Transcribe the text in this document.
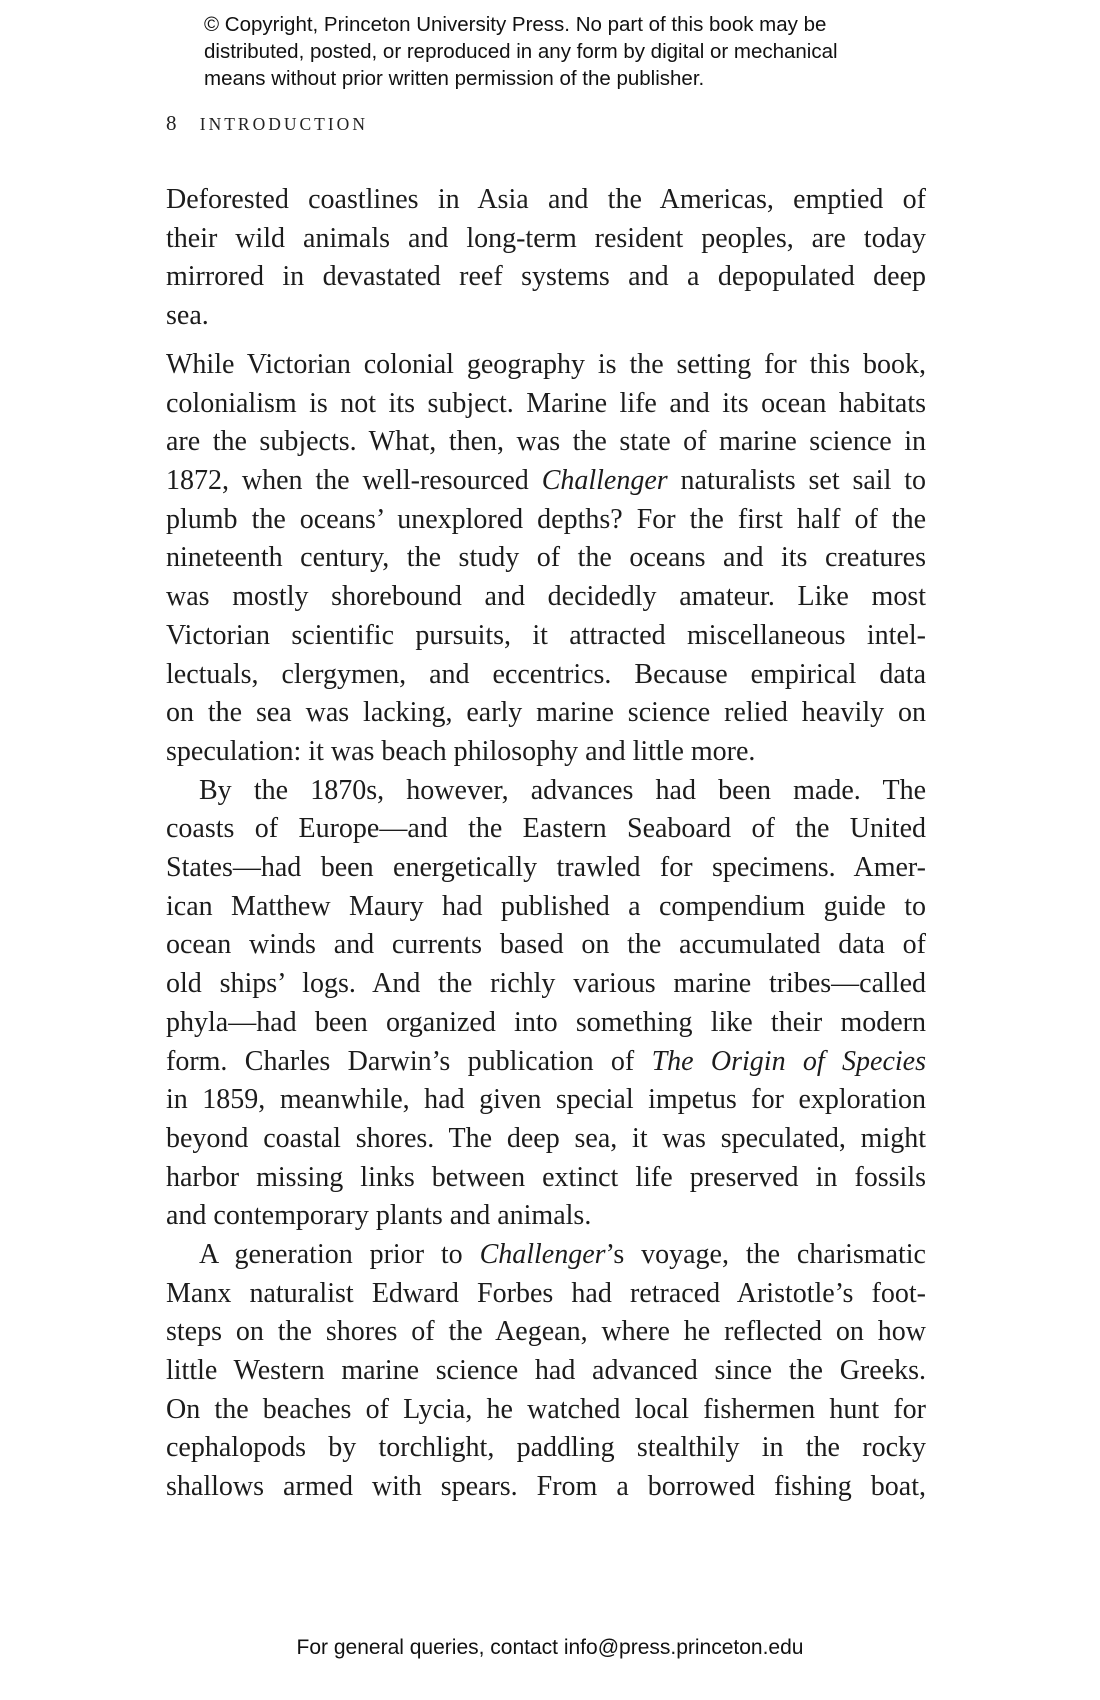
© Copyright, Princeton University Press. No part of this book may be
distributed, posted, or reproduced in any form by digital or mechanical
means without prior written permission of the publisher.
8 INTRODUCTION
Deforested coastlines in Asia and the Americas, emptied of
their wild animals and long-term resident peoples, are today
mirrored in devastated reef systems and a depopulated deep
sea.
While Victorian colonial geography is the setting for this book,
colonialism is not its subject. Marine life and its ocean habitats
are the subjects. What, then, was the state of marine science in
1872, when the well-resourced Challenger naturalists set sail to
plumb the oceans’ unexplored depths? For the first half of the
nineteenth century, the study of the oceans and its creatures
was mostly shorebound and decidedly amateur. Like most
Victorian scientific pursuits, it attracted miscellaneous intel-
lectuals, clergymen, and eccentrics. Because empirical data
on the sea was lacking, early marine science relied heavily on
speculation: it was beach philosophy and little more.
By the 1870s, however, advances had been made. The
coasts of Europe—and the Eastern Seaboard of the United
States—had been energetically trawled for specimens. Amer-
ican Matthew Maury had published a compendium guide to
ocean winds and currents based on the accumulated data of
old ships’ logs. And the richly various marine tribes—called
phyla—had been organized into something like their modern
form. Charles Darwin’s publication of The Origin of Species
in 1859, meanwhile, had given special impetus for exploration
beyond coastal shores. The deep sea, it was speculated, might
harbor missing links between extinct life preserved in fossils
and contemporary plants and animals.
A generation prior to Challenger’s voyage, the charismatic
Manx naturalist Edward Forbes had retraced Aristotle’s foot-
steps on the shores of the Aegean, where he reflected on how
little Western marine science had advanced since the Greeks.
On the beaches of Lycia, he watched local fishermen hunt for
cephalopods by torchlight, paddling stealthily in the rocky
shallows armed with spears. From a borrowed fishing boat,
For general queries, contact info@press.princeton.edu
